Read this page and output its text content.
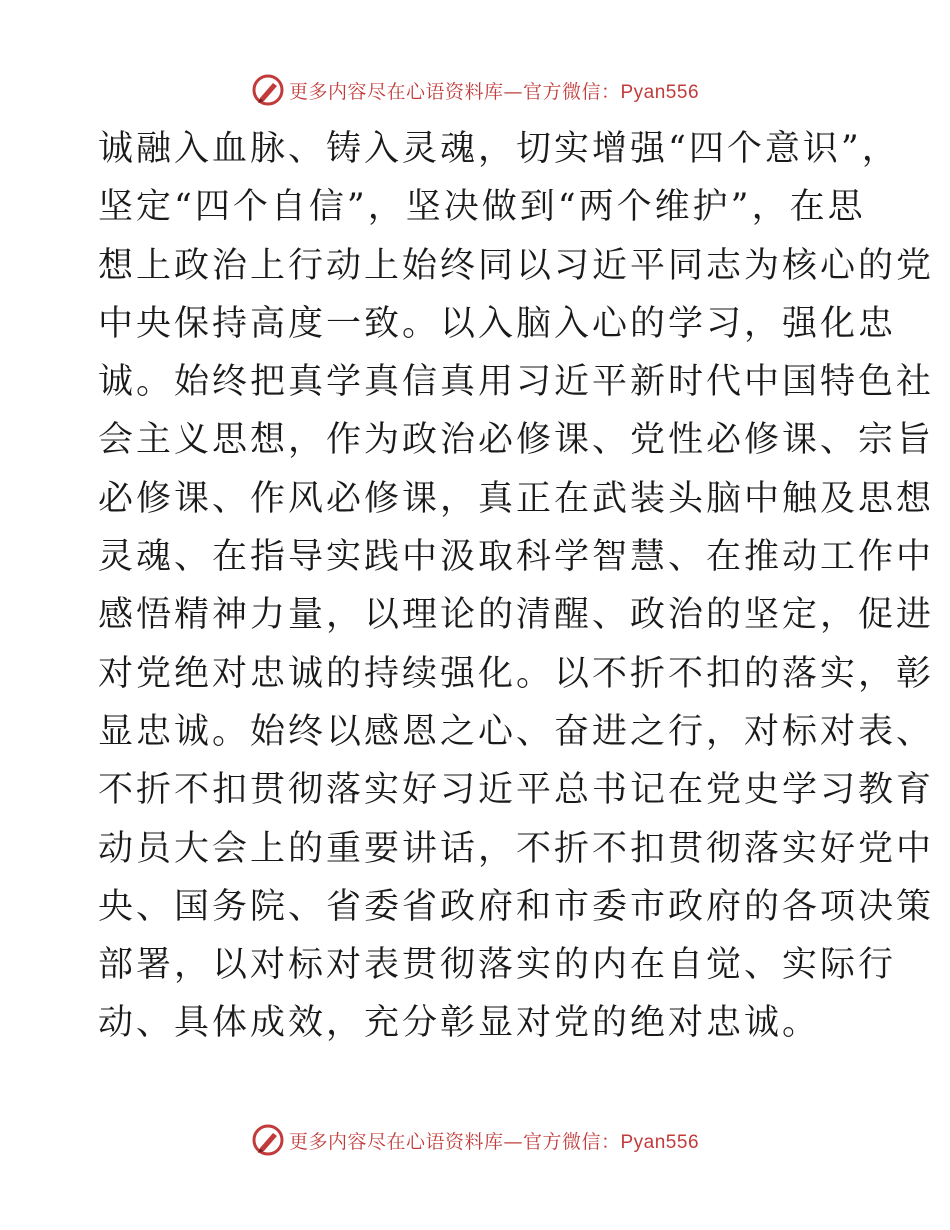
更多内容尽在心语资料库—官方微信：Pyan556
诚融入血脉、铸入灵魂，切实增强“四个意识”，
坚定“四个自信”，坚决做到“两个维护”，在思
想上政治上行动上始终同以习近平同志为核心的党
中央保持高度一致。以入脑入心的学习，强化忠
诚。始终把真学真信真用习近平新时代中国特色社
会主义思想，作为政治必修课、党性必修课、宗旨
必修课、作风必修课，真正在武装头脑中触及思想
灵魂、在指导实践中汲取科学智慧、在推动工作中
感悟精神力量，以理论的清醒、政治的坚定，促进
对党绝对忠诚的持续强化。以不折不扣的落实，彰
显忠诚。始终以感恩之心、奋进之行，对标对表、
不折不扣贯彻落实好习近平总书记在党史学习教育
动员大会上的重要讲话，不折不扣贯彻落实好党中
央、国务院、省委省政府和市委市政府的各项决策
部署，以对标对表贯彻落实的内在自觉、实际行
动、具体成效，充分彰显对党的绝对忠诚。
更多内容尽在心语资料库—官方微信：Pyan556
